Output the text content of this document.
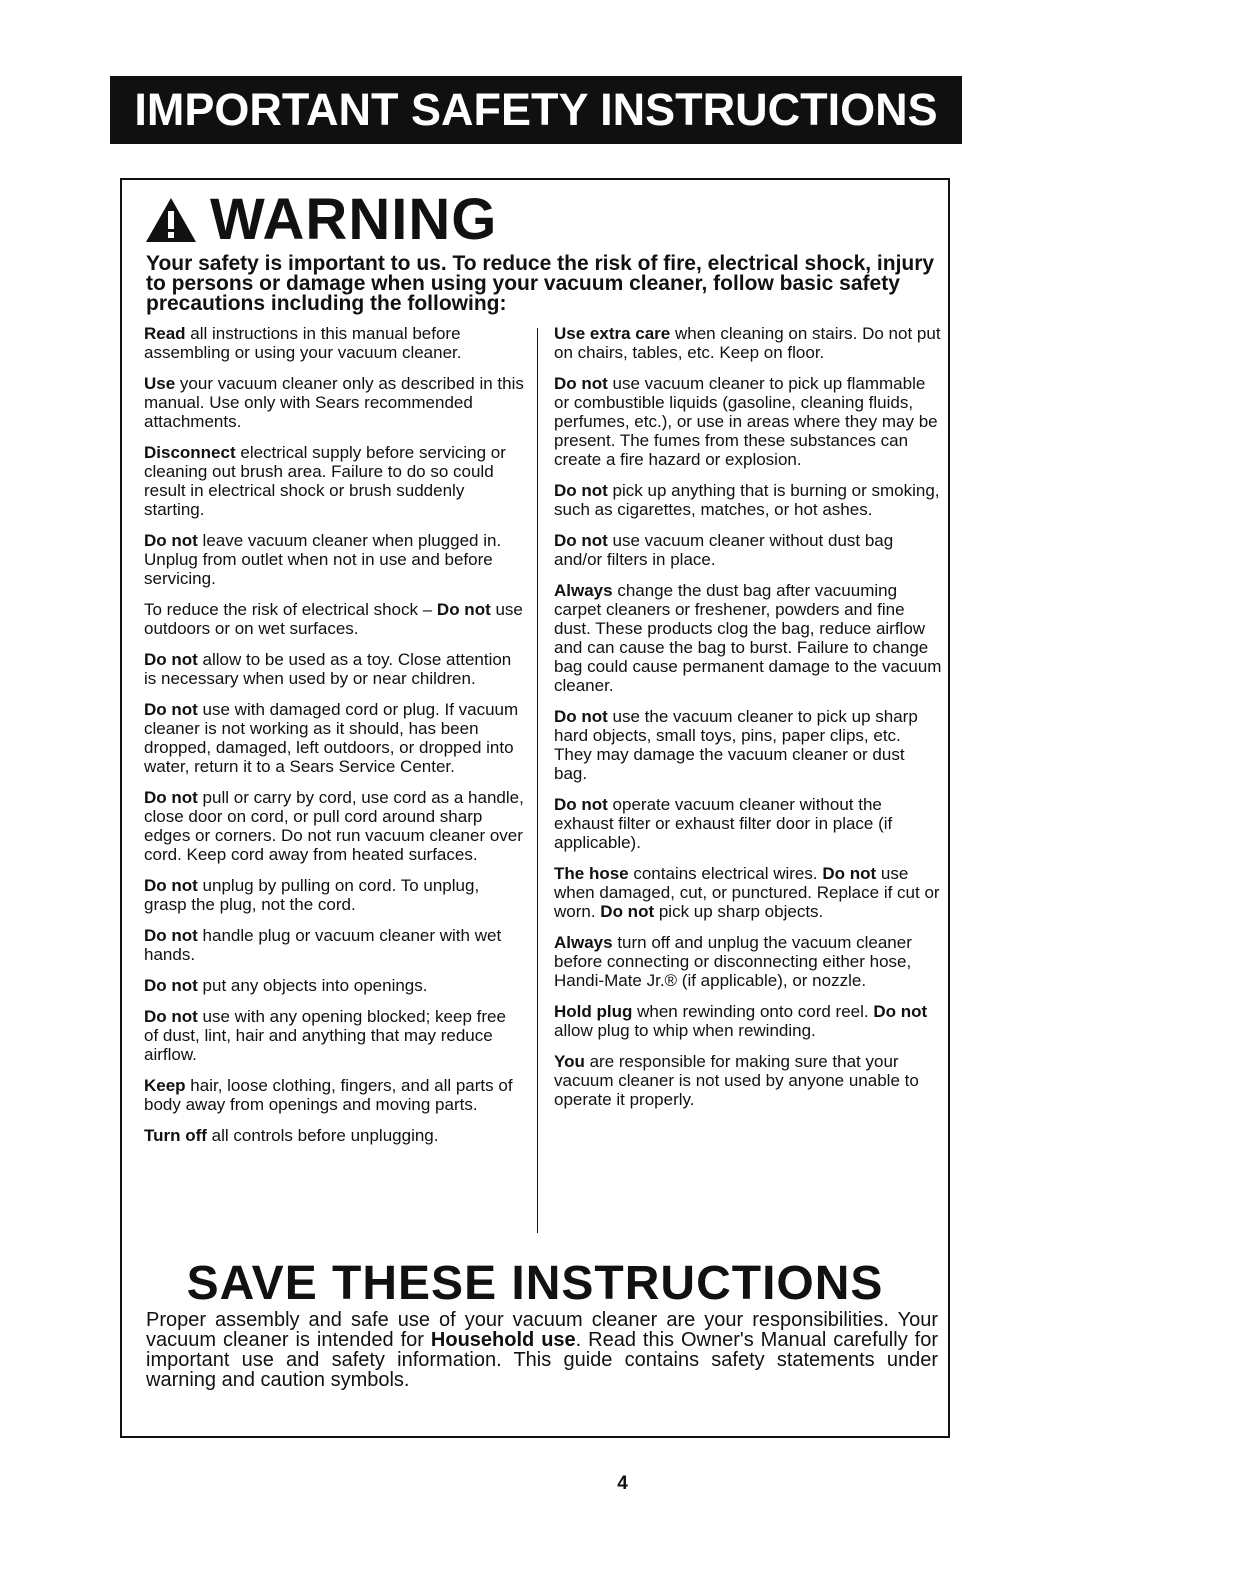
IMPORTANT SAFETY INSTRUCTIONS
WARNING
Your safety is important to us. To reduce the risk of fire, electrical shock, injury to persons or damage when using your vacuum cleaner, follow basic safety precautions including the following:
Read all instructions in this manual before assembling or using your vacuum cleaner.
Use your vacuum cleaner only as described in this manual. Use only with Sears recommended attachments.
Disconnect electrical supply before servicing or cleaning out brush area. Failure to do so could result in electrical shock or brush suddenly starting.
Do not leave vacuum cleaner when plugged in. Unplug from outlet when not in use and before servicing.
To reduce the risk of electrical shock – Do not use outdoors or on wet surfaces.
Do not allow to be used as a toy. Close attention is necessary when used by or near children.
Do not use with damaged cord or plug. If vacuum cleaner is not working as it should, has been dropped, damaged, left outdoors, or dropped into water, return it to a Sears Service Center.
Do not pull or carry by cord, use cord as a handle, close door on cord, or pull cord around sharp edges or corners. Do not run vacuum cleaner over cord. Keep cord away from heated surfaces.
Do not unplug by pulling on cord. To unplug, grasp the plug, not the cord.
Do not handle plug or vacuum cleaner with wet hands.
Do not put any objects into openings.
Do not use with any opening blocked; keep free of dust, lint, hair and anything that may reduce airflow.
Keep hair, loose clothing, fingers, and all parts of body away from openings and moving parts.
Turn off all controls before unplugging.
Use extra care when cleaning on stairs. Do not put on chairs, tables, etc. Keep on floor.
Do not use vacuum cleaner to pick up flammable or combustible liquids (gasoline, cleaning fluids, perfumes, etc.), or use in areas where they may be present. The fumes from these substances can create a fire hazard or explosion.
Do not pick up anything that is burning or smoking, such as cigarettes, matches, or hot ashes.
Do not use vacuum cleaner without dust bag and/or filters in place.
Always change the dust bag after vacuuming carpet cleaners or freshener, powders and fine dust. These products clog the bag, reduce airflow and can cause the bag to burst. Failure to change bag could cause permanent damage to the vacuum cleaner.
Do not use the vacuum cleaner to pick up sharp hard objects, small toys, pins, paper clips, etc. They may damage the vacuum cleaner or dust bag.
Do not operate vacuum cleaner without the exhaust filter or exhaust filter door in place (if applicable).
The hose contains electrical wires. Do not use when damaged, cut, or punctured. Replace if cut or worn. Do not pick up sharp objects.
Always turn off and unplug the vacuum cleaner before connecting or disconnecting either hose, Handi-Mate Jr.® (if applicable), or nozzle.
Hold plug when rewinding onto cord reel. Do not allow plug to whip when rewinding.
You are responsible for making sure that your vacuum cleaner is not used by anyone unable to operate it properly.
SAVE THESE INSTRUCTIONS
Proper assembly and safe use of your vacuum cleaner are your responsibilities. Your vacuum cleaner is intended for Household use. Read this Owner's Manual carefully for important use and safety information. This guide contains safety statements under warning and caution symbols.
4
